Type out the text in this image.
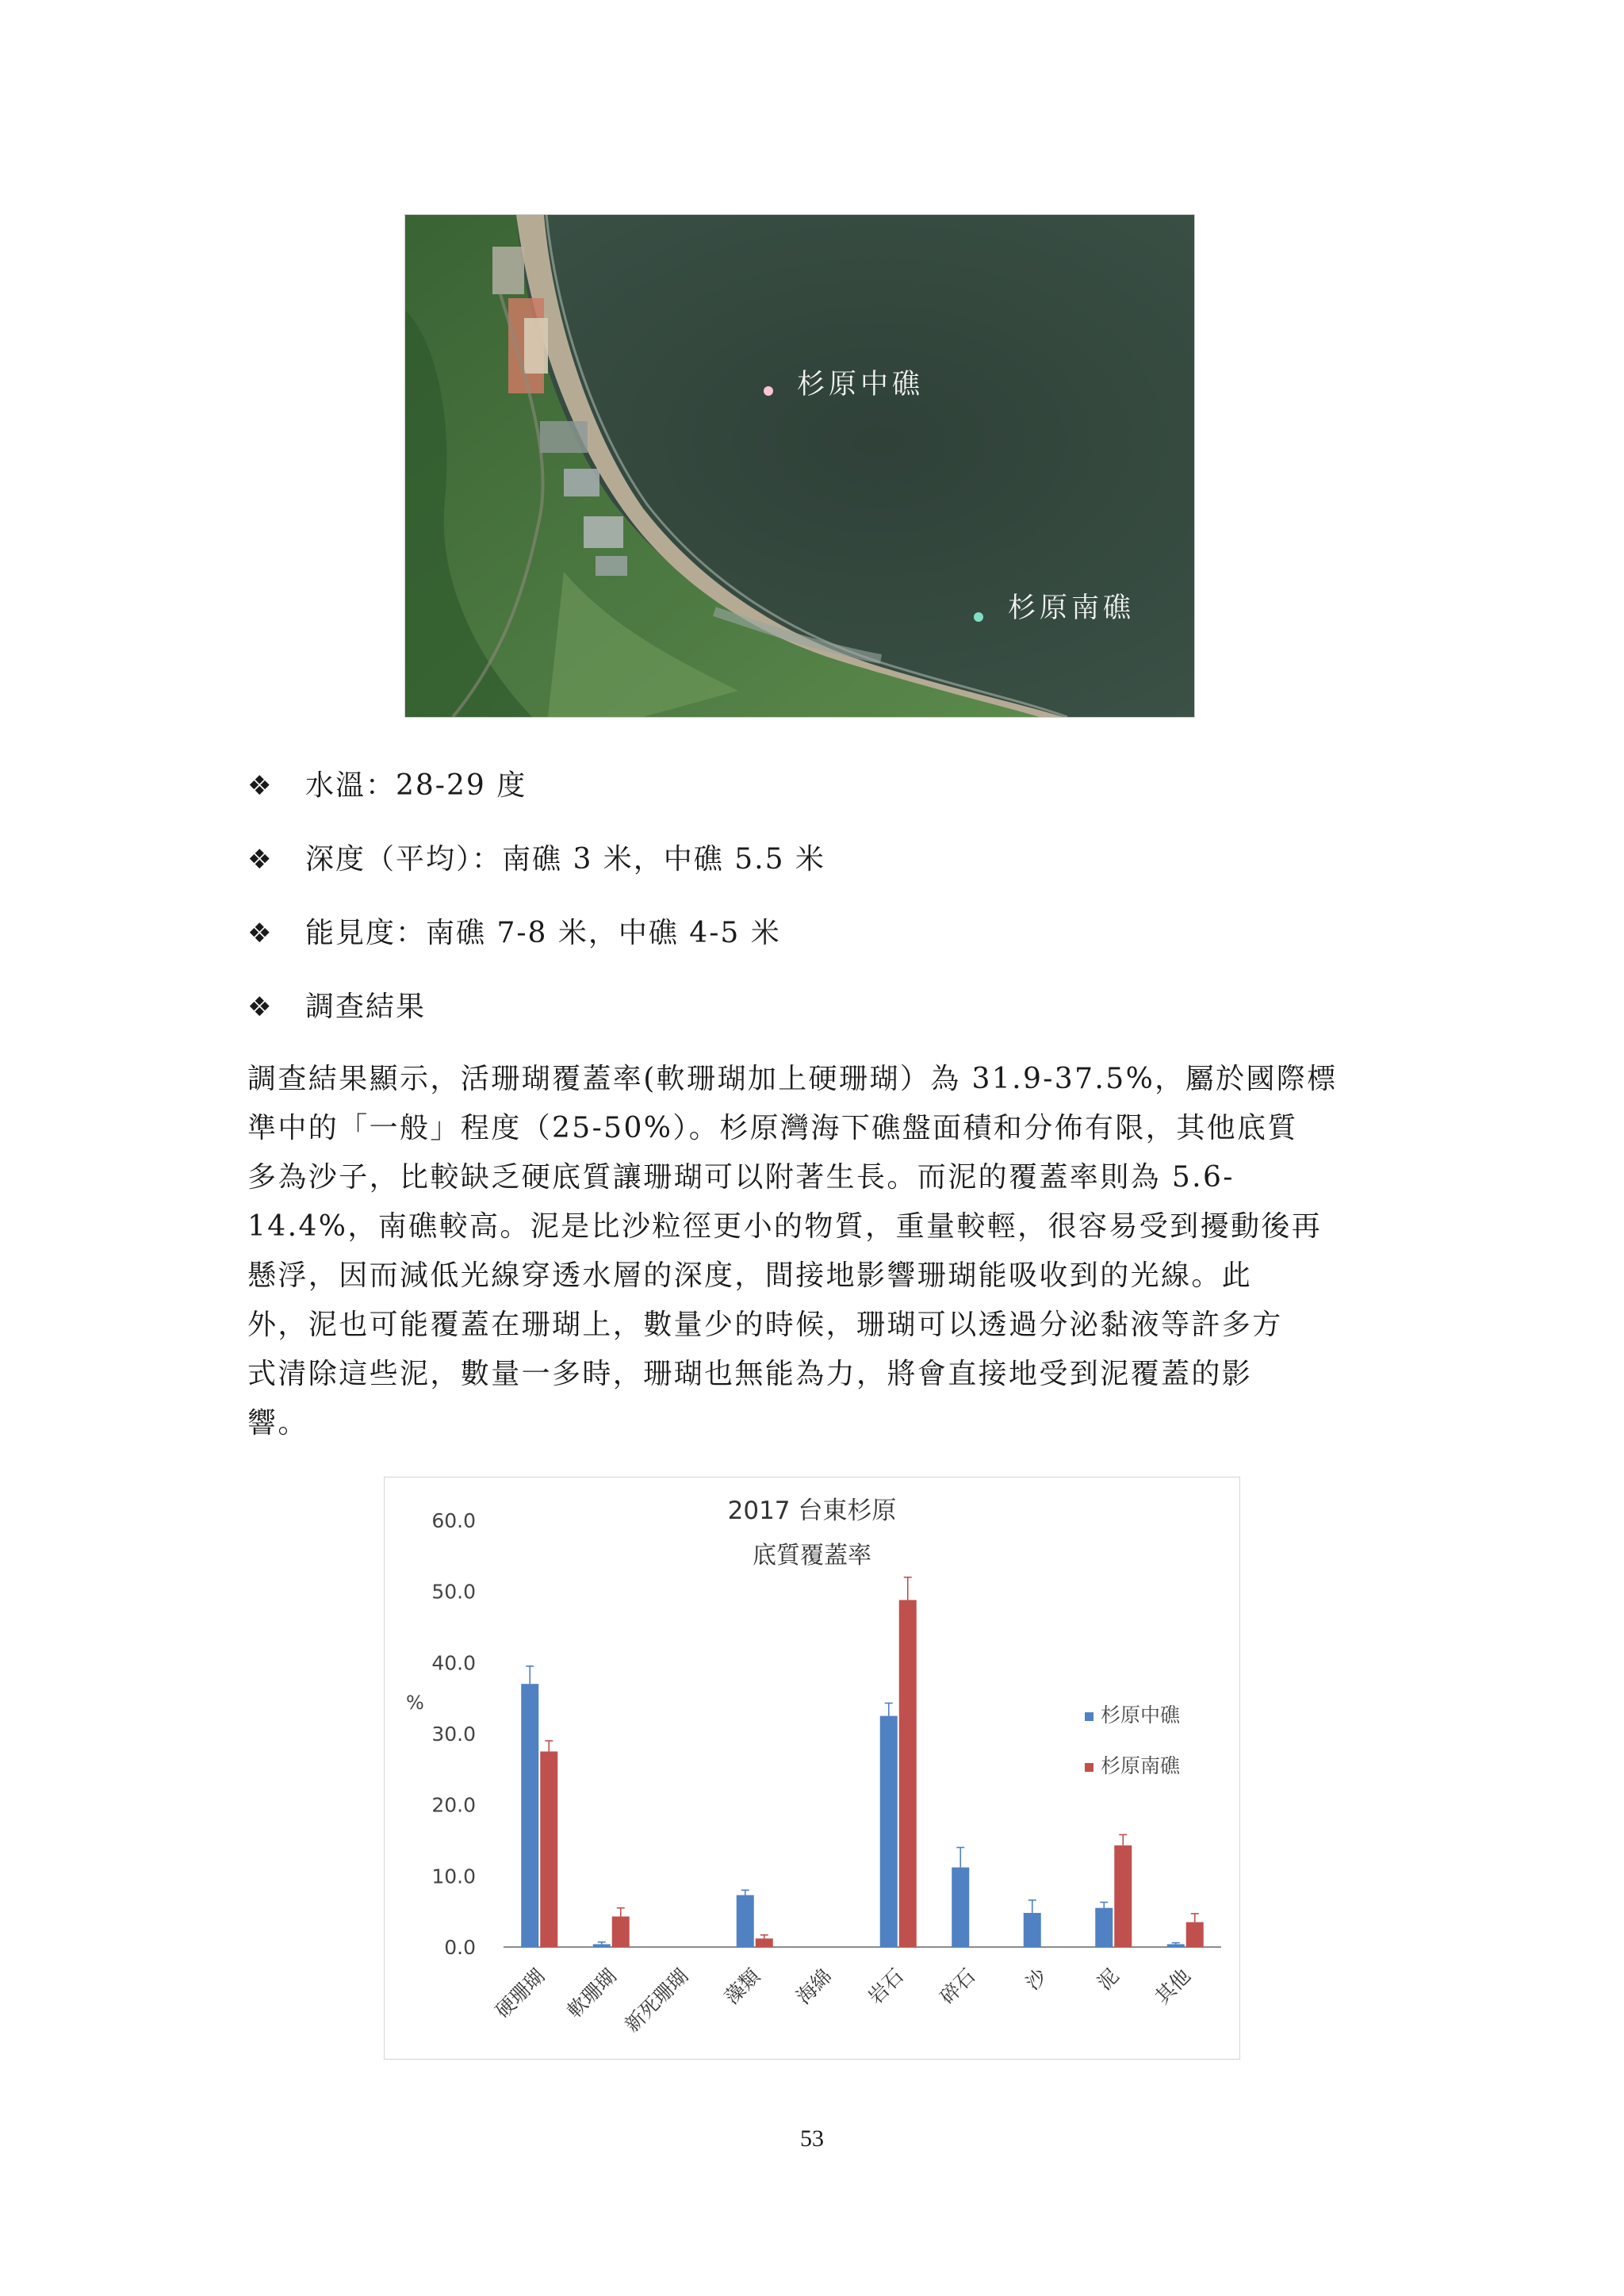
杉原中礁
杉原南礁
❖ 水溫：28-29 度
❖ 深度（平均）：南礁 3 米，中礁 5.5 米
❖ 能見度：南礁 7-8 米，中礁 4-5 米
❖ 調查結果
調查結果顯示，活珊瑚覆蓋率(軟珊瑚加上硬珊瑚）為 31.9-37.5%，屬於國際標
準中的「一般」程度（25-50%）。杉原灣海下礁盤面積和分佈有限，其他底質
多為沙子，比較缺乏硬底質讓珊瑚可以附著生長。而泥的覆蓋率則為 5.6-
14.4%，南礁較高。泥是比沙粒徑更小的物質，重量較輕，很容易受到擾動後再
懸浮，因而減低光線穿透水層的深度，間接地影響珊瑚能吸收到的光線。此
外，泥也可能覆蓋在珊瑚上，數量少的時候，珊瑚可以透過分泌黏液等許多方
式清除這些泥，數量一多時，珊瑚也無能為力，將會直接地受到泥覆蓋的影
響。
2017 台東杉原
底質覆蓋率
0.0
10.0
20.0
30.0
40.0
50.0
60.0
%
硬珊瑚 軟珊瑚 新死珊瑚 藻類 海綿 岩石 碎石 沙 泥 其他
杉原中礁
杉原南礁
53
